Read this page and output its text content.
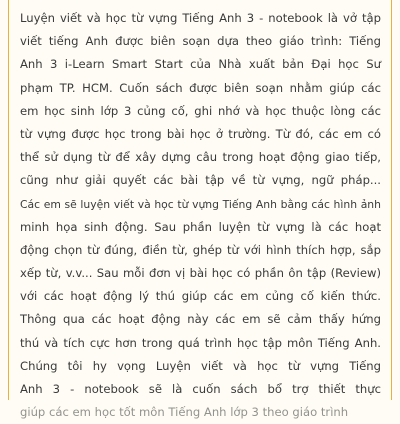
Luyện viết và học từ vựng Tiếng Anh 3 - notebook là vở tập
viết tiếng Anh được biên soạn dựa theo giáo trình: Tiếng
Anh 3 i-Learn Smart Start của Nhà xuất bản Đại học Sư
phạm TP. HCM. Cuốn sách được biên soạn nhằm giúp các
em học sinh lớp 3 củng cố, ghi nhớ và học thuộc lòng các
từ vựng được học trong bài học ở trường. Từ đó, các em có
thể sử dụng từ để xây dựng câu trong hoạt động giao tiếp,
cũng như giải quyết các bài tập về từ vựng, ngữ pháp...
Các em sẽ luyện viết và học từ vựng Tiếng Anh bằng các hình ảnh
minh họa sinh động. Sau phần luyện từ vựng là các hoạt
động chọn từ đúng, điền từ, ghép từ với hình thích hợp, sắp
xếp từ, v.v... Sau mỗi đơn vị bài học có phần ôn tập (Review)
với các hoạt động lý thú giúp các em củng cố kiến thức.
Thông qua các hoạt động này các em sẽ cảm thấy hứng
thú và tích cực hơn trong quá trình học tập môn Tiếng Anh.
Chúng tôi hy vọng Luyện viết và học từ vựng Tiếng
Anh 3 - notebook sẽ là cuốn sách bổ trợ thiết thực
giúp các em học tốt môn Tiếng Anh lớp 3 theo giáo trình
